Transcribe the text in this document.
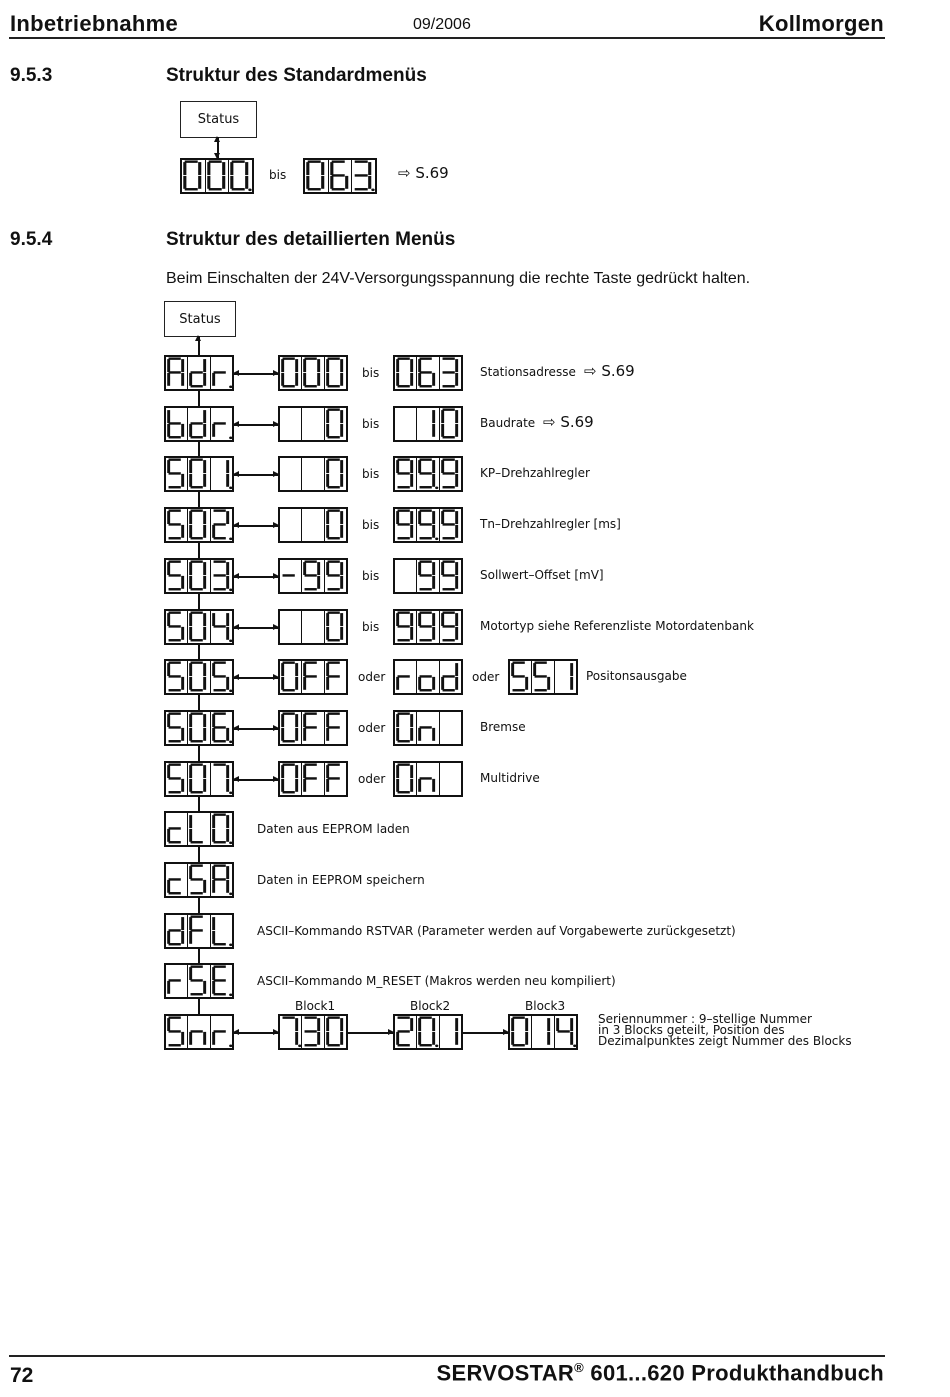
Inbetriebnahme	09/2006	Kollmorgen
9.5.3	Struktur des Standardmenüs
9.5.4	Struktur des detaillierten Menüs
Beim Einschalten der 24V-Versorgungsspannung die rechte Taste gedrückt halten.
72	SERVOSTAR® 601...620 Produkthandbuch
Status
bis	⇨ S.69
Status
bis	Stationsadresse ⇨ S.69
bis	Baudrate ⇨ S.69
bis	KP–Drehzahlregler
bis	Tn–Drehzahlregler [ms]
bis	Sollwert–Offset [mV]
bis	Motortyp siehe Referenzliste Motordatenbank
oder	oder	Positonsausgabe
oder	Bremse
oder	Multidrive
Daten aus EEPROM laden
Daten in EEPROM speichern
ASCII–Kommando RSTVAR (Parameter werden auf Vorgabewerte zurückgesetzt)
ASCII–Kommando M_RESET (Makros werden neu kompiliert)
Block1	Block2	Block3
Seriennummer : 9–stellige Nummer
in 3 Blocks geteilt, Position des
Dezimalpunktes zeigt Nummer des Blocks
